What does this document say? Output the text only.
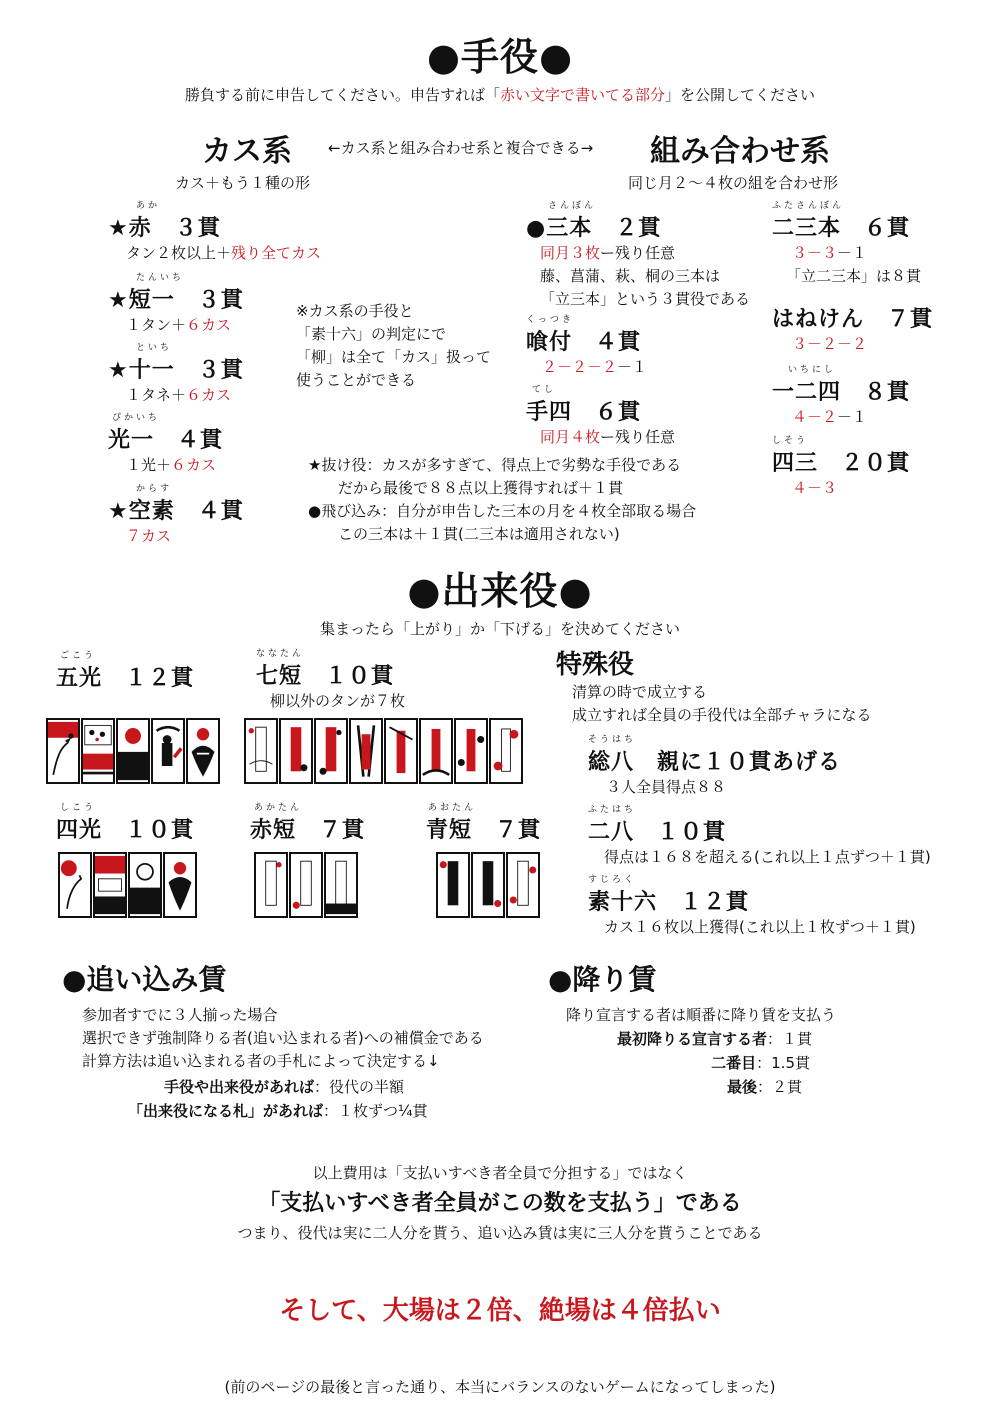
●手役●
勝負する前に申告してください。申告すれば「赤い文字で書いてる部分」を公開してください
カス系 ←カス系と組み合わせ系と複合できる→ 組み合わせ系
カス＋もう１種の形	同じ月２～４枚の組を合わせ形
あか
★赤　３貫
タン２枚以上＋残り全てカス
たんいち
★短一　３貫
１タン＋６カス
といち
★十一　３貫
１タネ＋６カス
ぴかいち
光一　４貫
１光＋６カス
からす
★空素　４貫
７カス
※カス系の手役と
「素十六」の判定にで
「柳」は全て「カス」扱って
使うことができる
さんぼん
●三本　２貫
同月３枚ー残り任意
藤、菖蒲、萩、桐の三本は
「立三本」という３貫役である
くっつき
喰付　４貫
２－２－２－１
てし
手四　６貫
同月４枚ー残り任意
ふたさんぼん
二三本　６貫
３－３－１
「立二三本」は８貫
はねけん　７貫
３－２－２
いちにし
一二四　８貫
４－２－１
しそう
四三　２０貫
４－３
★抜け役：カスが多すぎて、得点上で劣勢な手役である
だから最後で８８点以上獲得すれば＋１貫
●飛び込み：自分が申告した三本の月を４枚全部取る場合
この三本は＋１貫(二三本は適用されない)
●出来役●
集まったら「上がり」か「下げる」を決めてください
ごこう
五光　１２貫
ななたん
七短　１０貫
柳以外のタンが７枚
特殊役
清算の時で成立する
成立すれば全員の手役代は全部チャラになる
そうはち
総八　親に１０貫あげる
３人全員得点８８
ふたはち
二八　１０貫
得点は１６８を超える(これ以上１点ずつ＋１貫)
すじろく
素十六　１２貫
カス１６枚以上獲得(これ以上１枚ずつ＋１貫)
しこう
四光　１０貫
あかたん
赤短　７貫
あおたん
青短　７貫
●追い込み賃
参加者すでに３人揃った場合
選択できず強制降りる者(追い込まれる者)への補償金である
計算方法は追い込まれる者の手札によって決定する↓
手役や出来役があれば：役代の半額
「出来役になる札」があれば：１枚ずつ¼貫
●降り賃
降り宣言する者は順番に降り賃を支払う
最初降りる宣言する者：１貫
二番目：1.5貫
最後：２貫
以上費用は「支払いすべき者全員で分担する」ではなく
「支払いすべき者全員がこの数を支払う」である
つまり、役代は実に二人分を貰う、追い込み賃は実に三人分を貰うことである
そして、大場は２倍、絶場は４倍払い
(前のページの最後と言った通り、本当にバランスのないゲームになってしまった)
